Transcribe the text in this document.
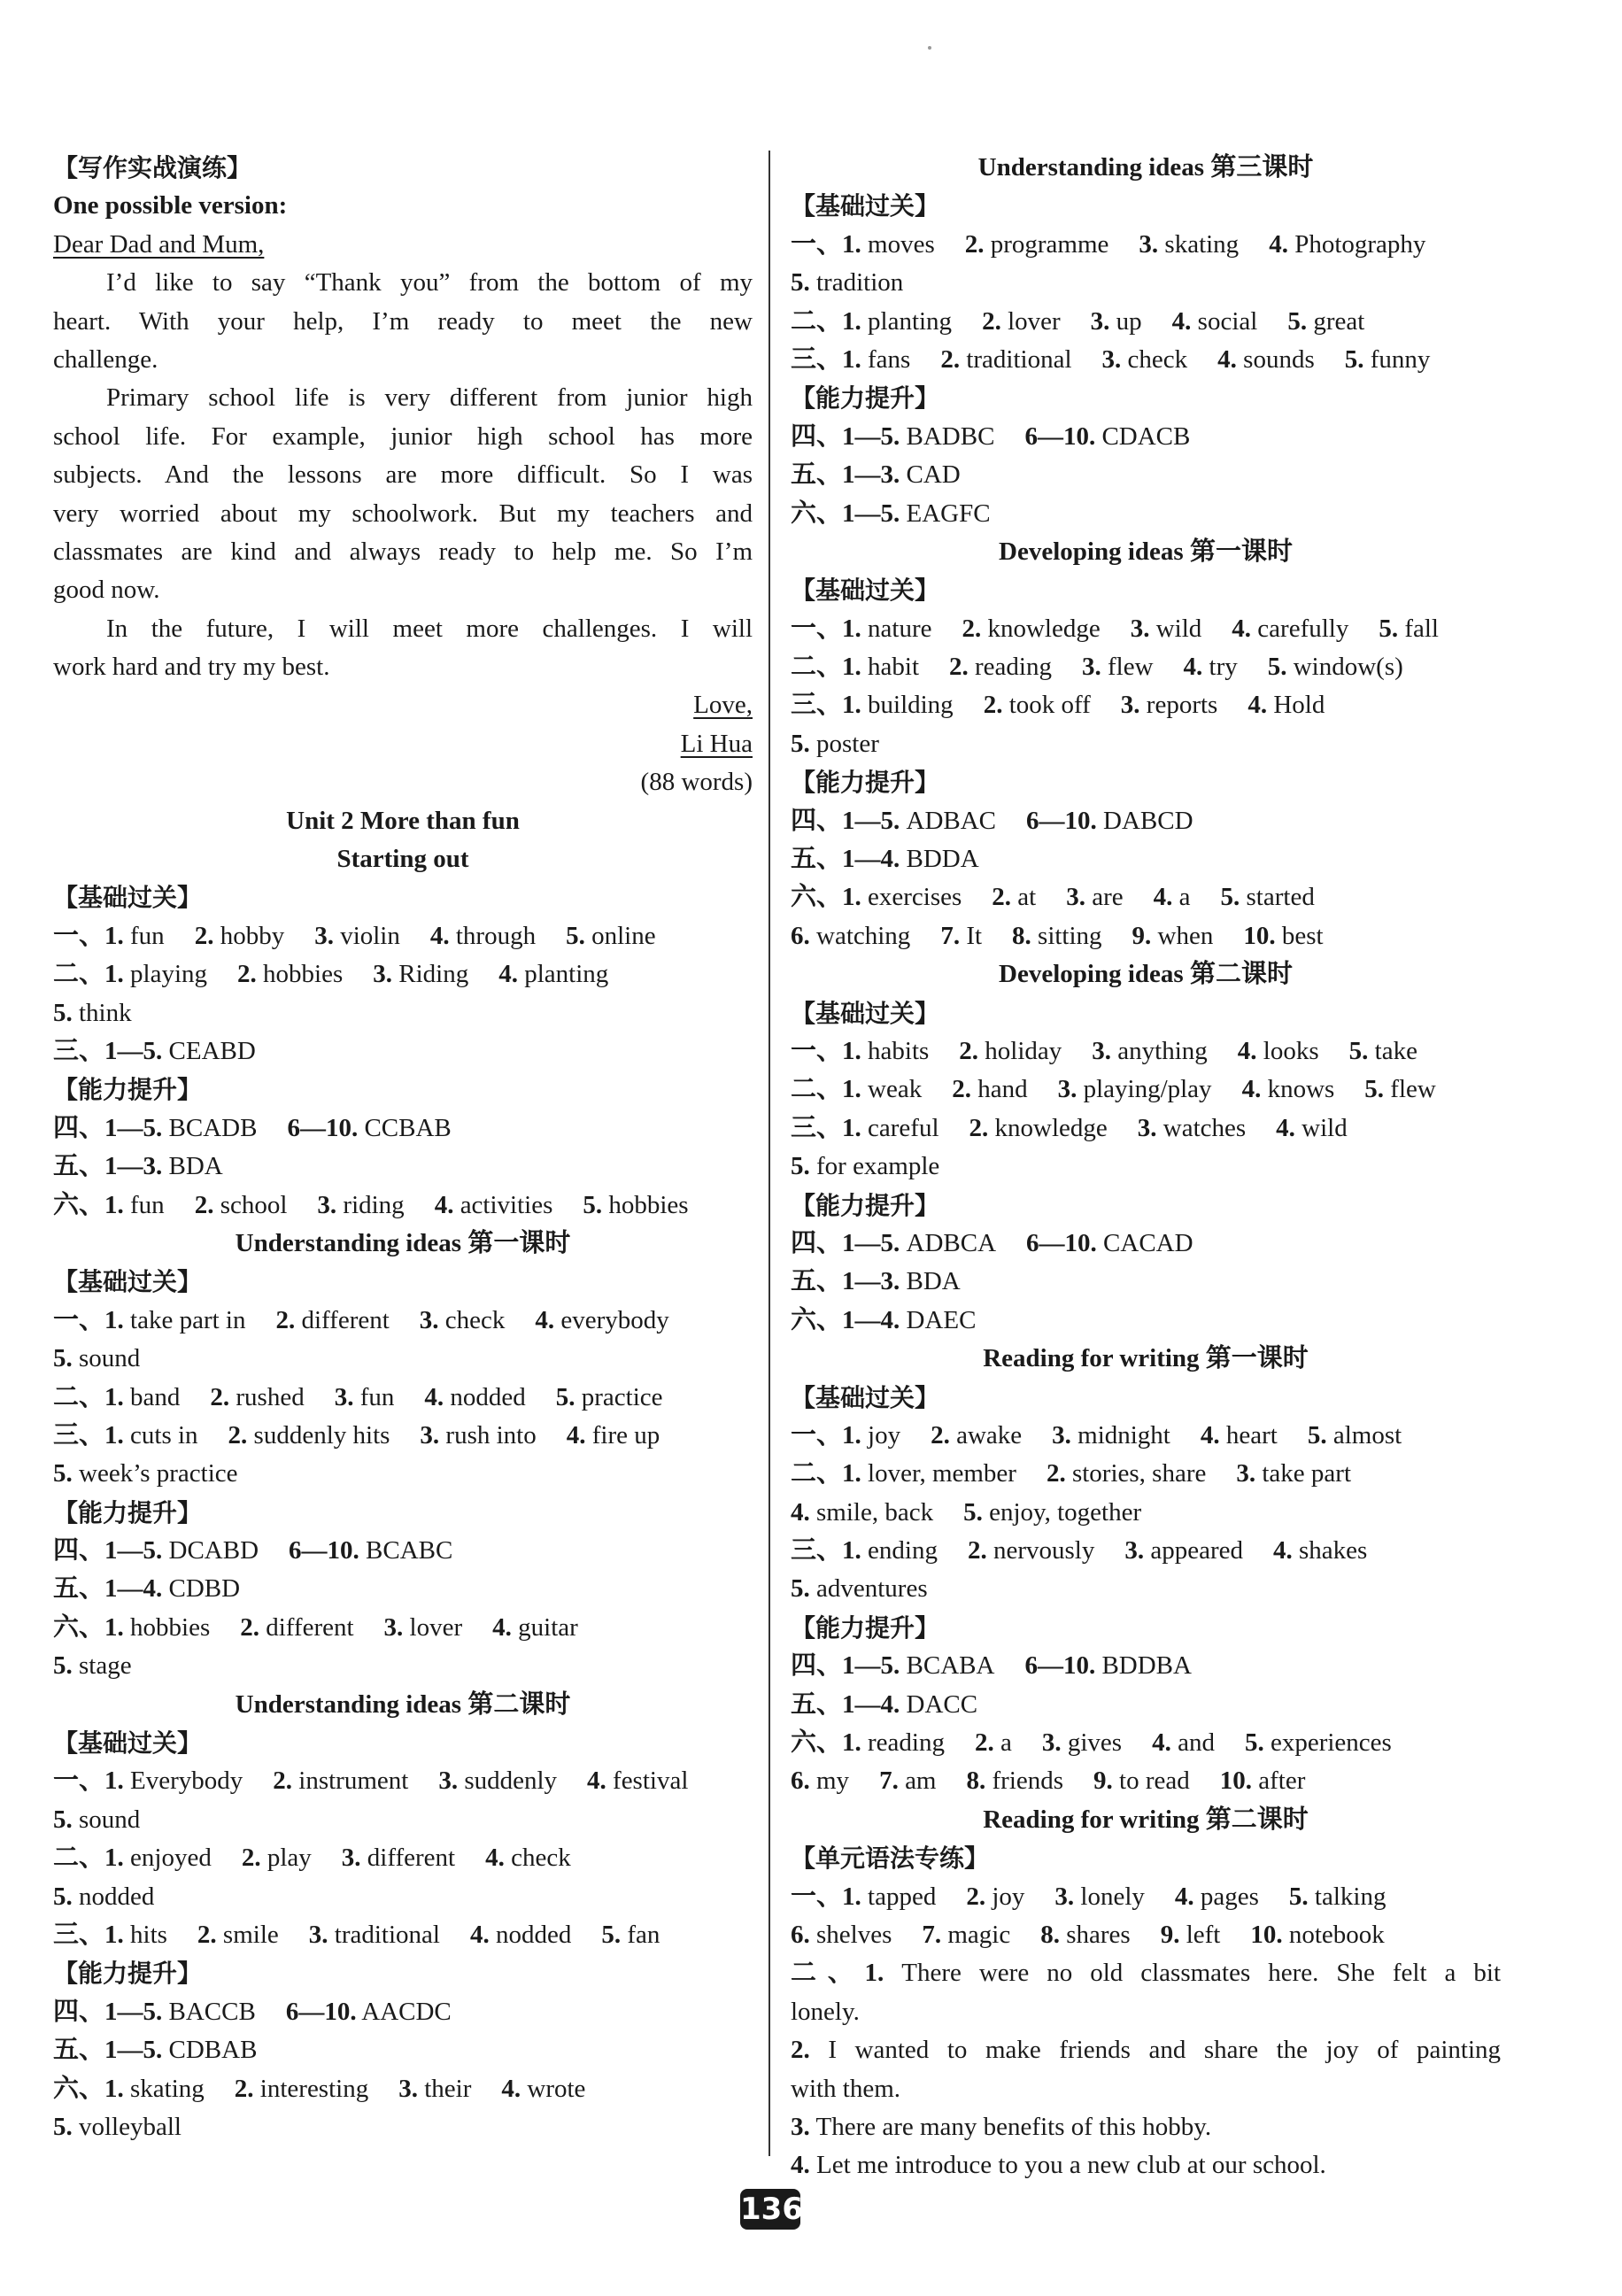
【写作实战演练】
One possible version:
Dear Dad and Mum,
I’d like to say “Thank you” from the bottom of my
heart. With your help, I’m ready to meet the new
challenge.
Primary school life is very different from junior high
school life. For example, junior high school has more
subjects. And the lessons are more difficult. So I was
very worried about my schoolwork. But my teachers and
classmates are kind and always ready to help me. So I’m
good now.
In the future, I will meet more challenges. I will
work hard and try my best.
Love,
Li Hua
(88 words)
Unit 2 More than fun
Starting out
【基础过关】
一、1. fun 2. hobby 3. violin 4. through 5. online
二、1. playing 2. hobbies 3. Riding 4. planting
5. think
三、1—5. CEABD
【能力提升】
四、1—5. BCADB 6—10. CCBAB
五、1—3. BDA
六、1. fun 2. school 3. riding 4. activities 5. hobbies
Understanding ideas 第一课时
【基础过关】
一、1. take part in 2. different 3. check 4. everybody
5. sound
二、1. band 2. rushed 3. fun 4. nodded 5. practice
三、1. cuts in 2. suddenly hits 3. rush into 4. fire up
5. week’s practice
【能力提升】
四、1—5. DCABD 6—10. BCABC
五、1—4. CDBD
六、1. hobbies 2. different 3. lover 4. guitar
5. stage
Understanding ideas 第二课时
【基础过关】
一、1. Everybody 2. instrument 3. suddenly 4. festival
5. sound
二、1. enjoyed 2. play 3. different 4. check
5. nodded
三、1. hits 2. smile 3. traditional 4. nodded 5. fan
【能力提升】
四、1—5. BACCB 6—10. AACDC
五、1—5. CDBAB
六、1. skating 2. interesting 3. their 4. wrote
5. volleyball
Understanding ideas 第三课时
【基础过关】
一、1. moves 2. programme 3. skating 4. Photography
5. tradition
二、1. planting 2. lover 3. up 4. social 5. great
三、1. fans 2. traditional 3. check 4. sounds 5. funny
【能力提升】
四、1—5. BADBC 6—10. CDACB
五、1—3. CAD
六、1—5. EAGFC
Developing ideas 第一课时
【基础过关】
一、1. nature 2. knowledge 3. wild 4. carefully 5. fall
二、1. habit 2. reading 3. flew 4. try 5. window(s)
三、1. building 2. took off 3. reports 4. Hold
5. poster
【能力提升】
四、1—5. ADBAC 6—10. DABCD
五、1—4. BDDA
六、1. exercises 2. at 3. are 4. a 5. started
6. watching 7. It 8. sitting 9. when 10. best
Developing ideas 第二课时
【基础过关】
一、1. habits 2. holiday 3. anything 4. looks 5. take
二、1. weak 2. hand 3. playing/play 4. knows 5. flew
三、1. careful 2. knowledge 3. watches 4. wild
5. for example
【能力提升】
四、1—5. ADBCA 6—10. CACAD
五、1—3. BDA
六、1—4. DAEC
Reading for writing 第一课时
【基础过关】
一、1. joy 2. awake 3. midnight 4. heart 5. almost
二、1. lover, member 2. stories, share 3. take part
4. smile, back 5. enjoy, together
三、1. ending 2. nervously 3. appeared 4. shakes
5. adventures
【能力提升】
四、1—5. BCABA 6—10. BDDBA
五、1—4. DACC
六、1. reading 2. a 3. gives 4. and 5. experiences
6. my 7. am 8. friends 9. to read 10. after
Reading for writing 第二课时
【单元语法专练】
一、1. tapped 2. joy 3. lonely 4. pages 5. talking
6. shelves 7. magic 8. shares 9. left 10. notebook
二、1. There were no old classmates here. She felt a bit
lonely.
2. I wanted to make friends and share the joy of painting
with them.
3. There are many benefits of this hobby.
4. Let me introduce to you a new club at our school.
136
